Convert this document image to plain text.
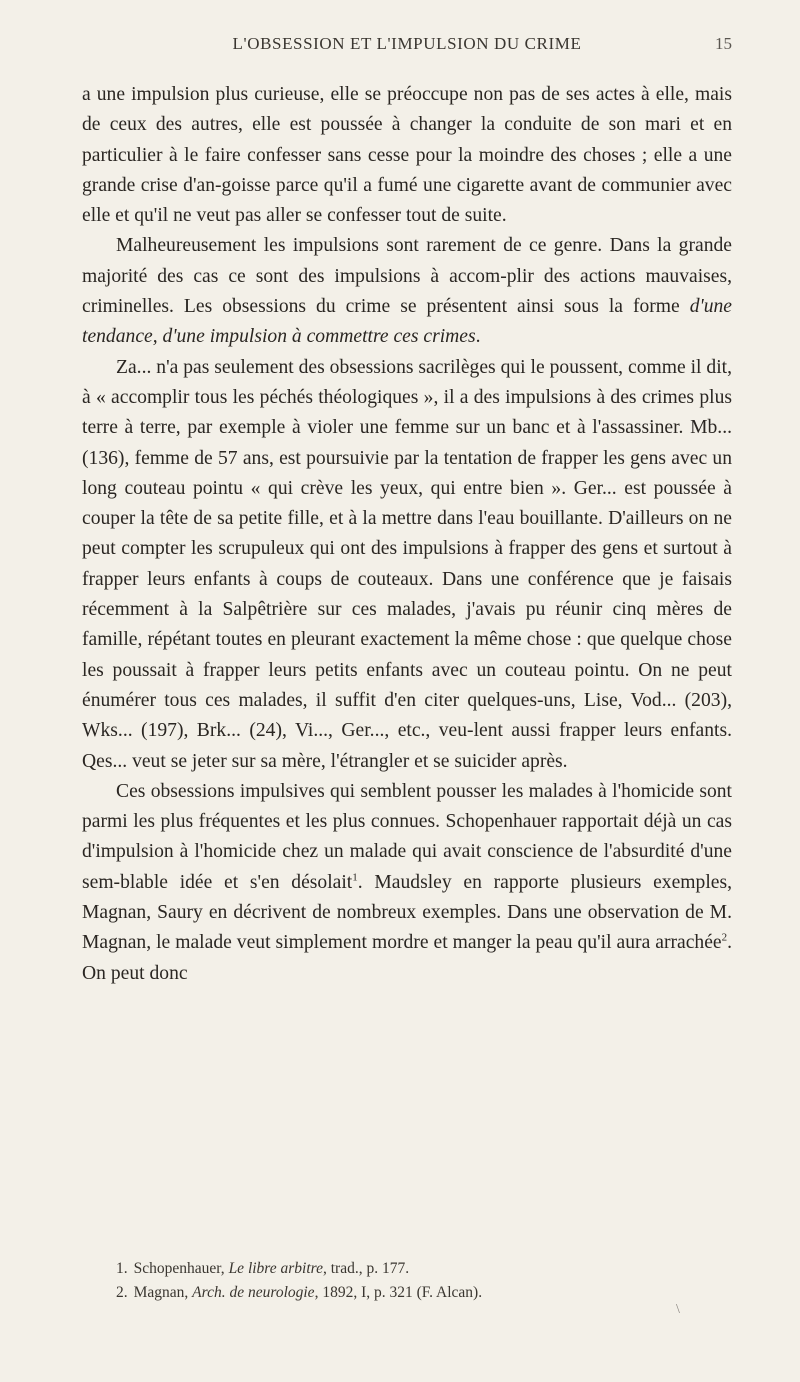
L'OBSESSION ET L'IMPULSION DU CRIME	15

a une impulsion plus curieuse, elle se préoccupe non pas de ses actes à elle, mais de ceux des autres, elle est poussée à changer la conduite de son mari et en particulier à le faire confesser sans cesse pour la moindre des choses ; elle a une grande crise d'an-goisse parce qu'il a fumé une cigarette avant de communier avec elle et qu'il ne veut pas aller se confesser tout de suite.

Malheureusement les impulsions sont rarement de ce genre. Dans la grande majorité des cas ce sont des impulsions à accom-plir des actions mauvaises, criminelles. Les obsessions du crime se présentent ainsi sous la forme d'une tendance, d'une impulsion à commettre ces crimes.

Za... n'a pas seulement des obsessions sacrilèges qui le poussent, comme il dit, à « accomplir tous les péchés théologiques », il a des impulsions à des crimes plus terre à terre, par exemple à violer une femme sur un banc et à l'assassiner. Mb... (136), femme de 57 ans, est poursuivie par la tentation de frapper les gens avec un long couteau pointu « qui crève les yeux, qui entre bien ». Ger... est poussée à couper la tête de sa petite fille, et à la mettre dans l'eau bouillante. D'ailleurs on ne peut compter les scrupuleux qui ont des impulsions à frapper des gens et surtout à frapper leurs enfants à coups de couteaux. Dans une conférence que je faisais récemment à la Salpêtrière sur ces malades, j'avais pu réunir cinq mères de famille, répétant toutes en pleurant exactement la même chose : que quelque chose les poussait à frapper leurs petits enfants avec un couteau pointu. On ne peut énumérer tous ces malades, il suffit d'en citer quelques-uns, Lise, Vod... (203), Wks... (197), Brk... (24), Vi..., Ger..., etc., veu-lent aussi frapper leurs enfants. Qes... veut se jeter sur sa mère, l'étrangler et se suicider après.

Ces obsessions impulsives qui semblent pousser les malades à l'homicide sont parmi les plus fréquentes et les plus connues. Schopenhauer rapportait déjà un cas d'impulsion à l'homicide chez un malade qui avait conscience de l'absurdité d'une sem-blable idée et s'en désolait$^1$. Maudsley en rapporte plusieurs exemples, Magnan, Saury en décrivent de nombreux exemples. Dans une observation de M. Magnan, le malade veut simplement mordre et manger la peau qu'il aura arrachée$^2$. On peut donc

1. Schopenhauer, Le libre arbitre, trad., p. 177.
2. Magnan, Arch. de neurologie, 1892, I, p. 321 (F. Alcan).
\
